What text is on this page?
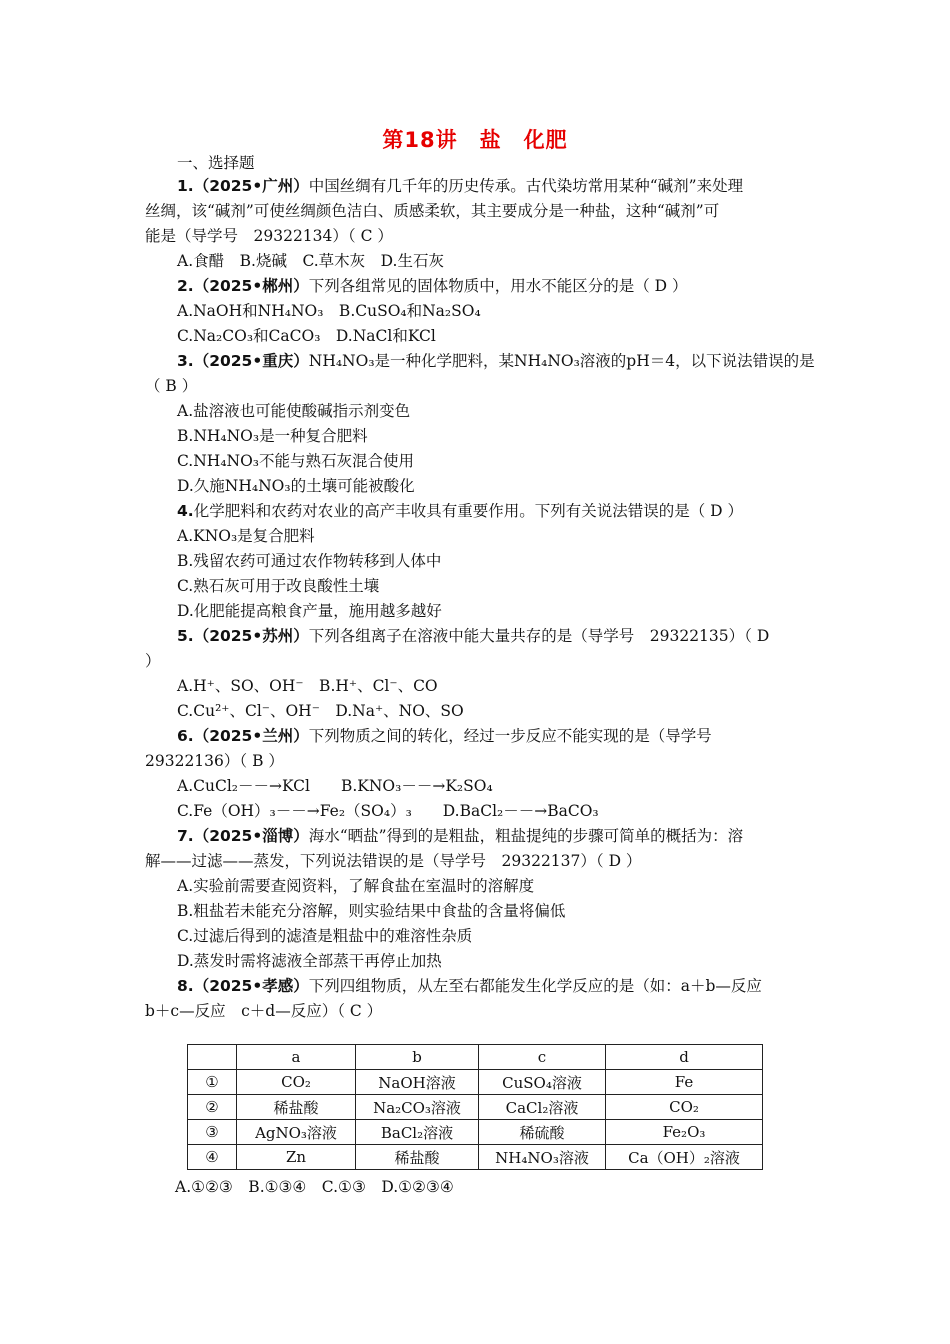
第18讲　盐　化肥
一、选择题
1.（2025•广州）中国丝绸有几千年的历史传承。古代染坊常用某种“碱剂”来处理
丝绸，该“碱剂”可使丝绸颜色洁白、质感柔软，其主要成分是一种盐，这种“碱剂”可
能是（导学号　29322134）（ C ）
A.食醋　B.烧碱　C.草木灰　D.生石灰
2.（2025•郴州）下列各组常见的固体物质中，用水不能区分的是（ D ）
A.NaOH和NH₄NO₃　B.CuSO₄和Na₂SO₄
C.Na₂CO₃和CaCO₃　D.NaCl和KCl
3.（2025•重庆）NH₄NO₃是一种化学肥料，某NH₄NO₃溶液的pH＝4，以下说法错误的是
（ B ）
A.盐溶液也可能使酸碱指示剂变色
B.NH₄NO₃是一种复合肥料
C.NH₄NO₃不能与熟石灰混合使用
D.久施NH₄NO₃的土壤可能被酸化
4.化学肥料和农药对农业的高产丰收具有重要作用。下列有关说法错误的是（ D ）
A.KNO₃是复合肥料
B.残留农药可通过农作物转移到人体中
C.熟石灰可用于改良酸性土壤
D.化肥能提高粮食产量，施用越多越好
5.（2025•苏州）下列各组离子在溶液中能大量共存的是（导学号　29322135）（ D
）
A.H⁺、SO、OH⁻　B.H⁺、Cl⁻、CO
C.Cu²⁺、Cl⁻、OH⁻　D.Na⁺、NO、SO
6.（2025•兰州）下列物质之间的转化，经过一步反应不能实现的是（导学号
29322136）（ B ）
A.CuCl₂－－→KCl　　B.KNO₃－－→K₂SO₄
C.Fe（OH）₃－－→Fe₂（SO₄）₃　　D.BaCl₂－－→BaCO₃
7.（2025•淄博）海水“晒盐”得到的是粗盐，粗盐提纯的步骤可简单的概括为：溶
解——过滤——蒸发，下列说法错误的是（导学号　29322137）（ D ）
A.实验前需要查阅资料，了解食盐在室温时的溶解度
B.粗盐若未能充分溶解，则实验结果中食盐的含量将偏低
C.过滤后得到的滤渣是粗盐中的难溶性杂质
D.蒸发时需将滤液全部蒸干再停止加热
8.（2025•孝感）下列四组物质，从左至右都能发生化学反应的是（如：a＋b—反应
b＋c—反应　c＋d—反应）（ C ）
	a	b	c	d
①	CO₂	NaOH溶液	CuSO₄溶液	Fe
②	稀盐酸	Na₂CO₃溶液	CaCl₂溶液	CO₂
③	AgNO₃溶液	BaCl₂溶液	稀硫酸	Fe₂O₃
④	Zn	稀盐酸	NH₄NO₃溶液	Ca（OH）₂溶液
A.①②③　B.①③④　C.①③　D.①②③④
